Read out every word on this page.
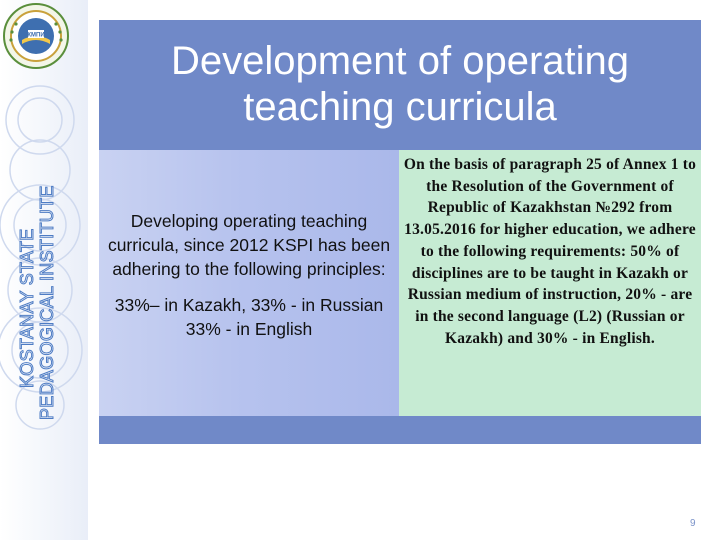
КМПИ
KOSTANAY STATE PEDAGOGICAL INSTITUTE
Development of operating
teaching curricula
Developing operating teaching curricula, since 2012 KSPI has been adhering to the following principles:
33%– in Kazakh, 33% - in Russian 33% - in English
On the basis of paragraph 25 of Annex 1 to the Resolution of the Government of Republic of Kazakhstan №292 from 13.05.2016 for higher education, we adhere to the following requirements: 50% of disciplines are to be taught in Kazakh or Russian medium of instruction, 20% - are in the second language (L2) (Russian or Kazakh) and 30% - in English.
9
